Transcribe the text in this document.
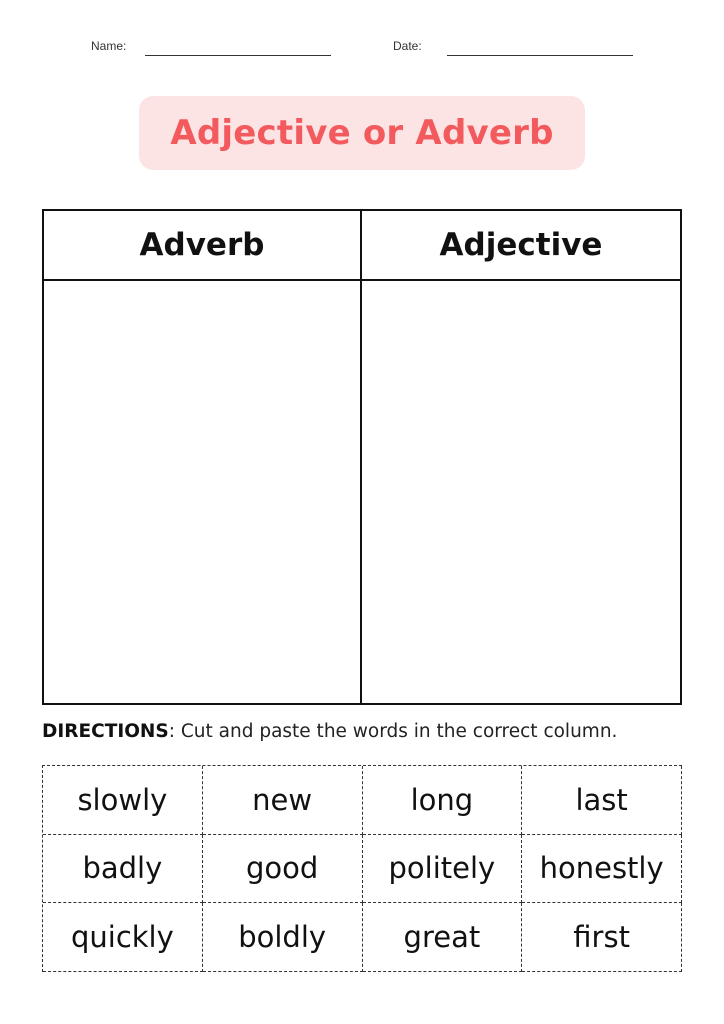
Name:	Date:
Adjective or Adverb
Adverb	Adjective
DIRECTIONS: Cut and paste the words in the correct column.
slowly	new	long	last
badly	good	politely	honestly
quickly	boldly	great	first
